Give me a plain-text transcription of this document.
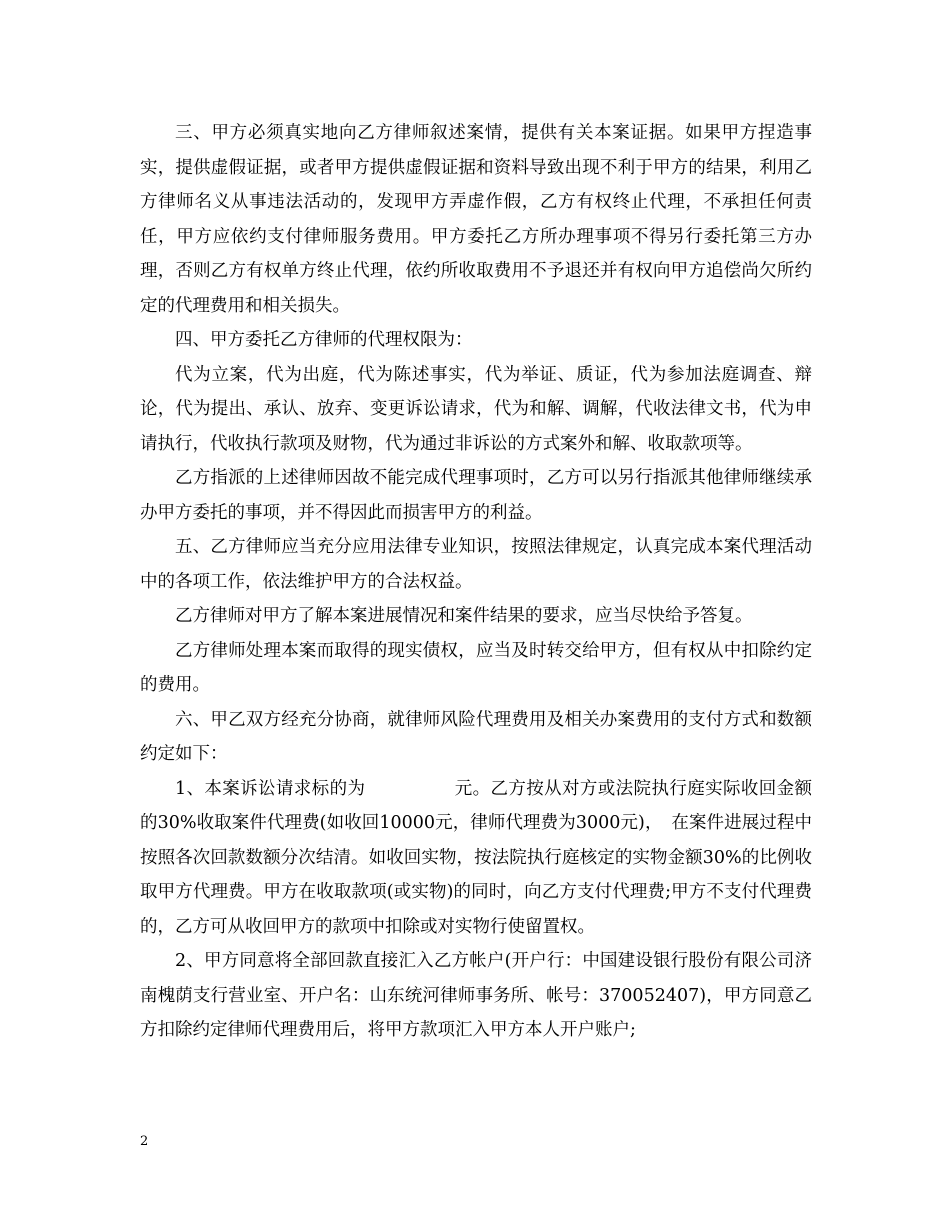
三、甲方必须真实地向乙方律师叙述案情，提供有关本案证据。如果甲方捏造事实，提供虚假证据，或者甲方提供虚假证据和资料导致出现不利于甲方的结果，利用乙方律师名义从事违法活动的，发现甲方弄虚作假，乙方有权终止代理，不承担任何责任，甲方应依约支付律师服务费用。甲方委托乙方所办理事项不得另行委托第三方办理，否则乙方有权单方终止代理，依约所收取费用不予退还并有权向甲方追偿尚欠所约定的代理费用和相关损失。

四、甲方委托乙方律师的代理权限为：

代为立案，代为出庭，代为陈述事实，代为举证、质证，代为参加法庭调查、辩论，代为提出、承认、放弃、变更诉讼请求，代为和解、调解，代收法律文书，代为申请执行，代收执行款项及财物，代为通过非诉讼的方式案外和解、收取款项等。

乙方指派的上述律师因故不能完成代理事项时，乙方可以另行指派其他律师继续承办甲方委托的事项，并不得因此而损害甲方的利益。

五、乙方律师应当充分应用法律专业知识，按照法律规定，认真完成本案代理活动中的各项工作，依法维护甲方的合法权益。

乙方律师对甲方了解本案进展情况和案件结果的要求，应当尽快给予答复。

乙方律师处理本案而取得的现实债权，应当及时转交给甲方，但有权从中扣除约定的费用。

六、甲乙双方经充分协商，就律师风险代理费用及相关办案费用的支付方式和数额约定如下：

1、本案诉讼请求标的为　　　　　元。乙方按从对方或法院执行庭实际收回金额的30%收取案件代理费(如收回10000元，律师代理费为3000元)，　在案件进展过程中按照各次回款数额分次结清。如收回实物，按法院执行庭核定的实物金额30%的比例收取甲方代理费。甲方在收取款项(或实物)的同时，向乙方支付代理费;甲方不支付代理费的，乙方可从收回甲方的款项中扣除或对实物行使留置权。

2、甲方同意将全部回款直接汇入乙方帐户(开户行：中国建设银行股份有限公司济南槐荫支行营业室、开户名：山东统河律师事务所、帐号：370052407)，甲方同意乙方扣除约定律师代理费用后，将甲方款项汇入甲方本人开户账户;

2
